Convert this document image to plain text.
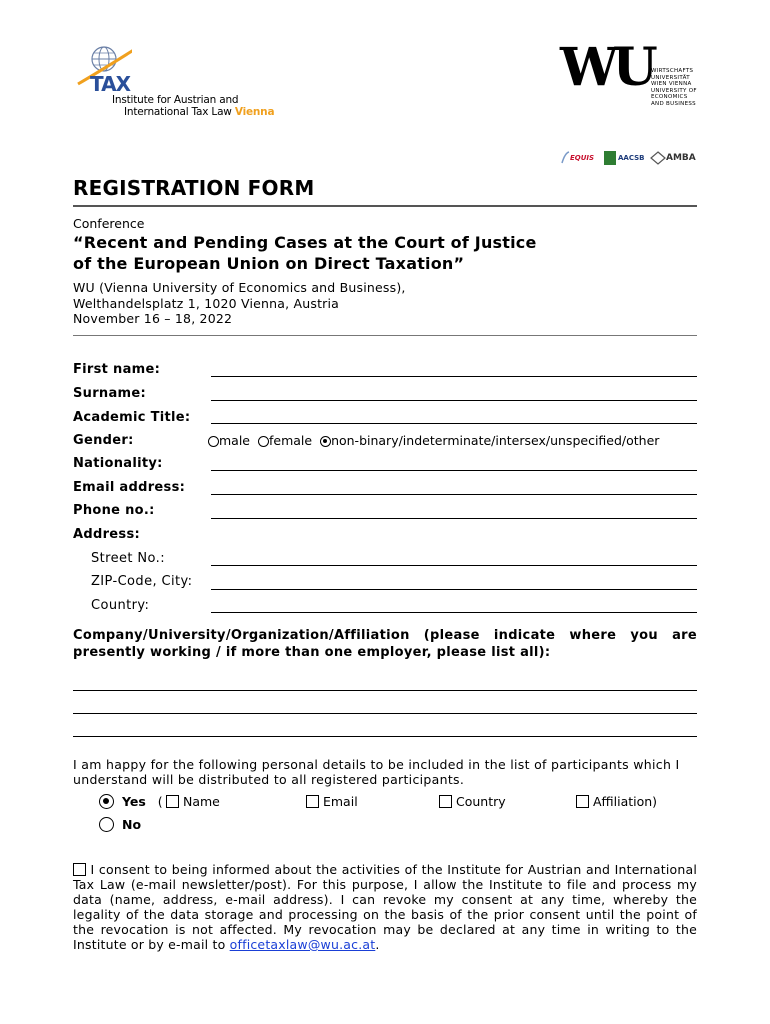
TAX
Institute for Austrian and
International Tax Law Vienna
WU WIRTSCHAFTS
UNIVERSITÄT
WIEN VIENNA
UNIVERSITY OF
ECONOMICS
AND BUSINESS
EQUIS	AACSB AMBA
REGISTRATION FORM
Conference
“Recent and Pending Cases at the Court of Justice
of the European Union on Direct Taxation”
WU (Vienna University of Economics and Business),
Welthandelsplatz 1, 1020 Vienna, Austria
November 16 – 18, 2022
First name:
Surname:
Academic Title:
Gender:	male female non-binary/indeterminate/intersex/unspecified/other
Nationality:
Email address:
Phone no.:
Address:
Street No.:
ZIP-Code, City:
Country:
Company/University/Organization/Affiliation (please indicate where you are presently working / if more than one employer, please list all):
I am happy for the following personal details to be included in the list of participants which I understand will be distributed to all registered participants.
Yes (	Name	Email	Country	Affiliation)
No
I consent to being informed about the activities of the Institute for Austrian and International Tax Law (e-mail newsletter/post). For this purpose, I allow the Institute to file and process my data (name, address, e-mail address). I can revoke my consent at any time, whereby the legality of the data storage and processing on the basis of the prior consent until the point of the revocation is not affected. My revocation may be declared at any time in writing to the Institute or by e-mail to officetaxlaw@wu.ac.at.
